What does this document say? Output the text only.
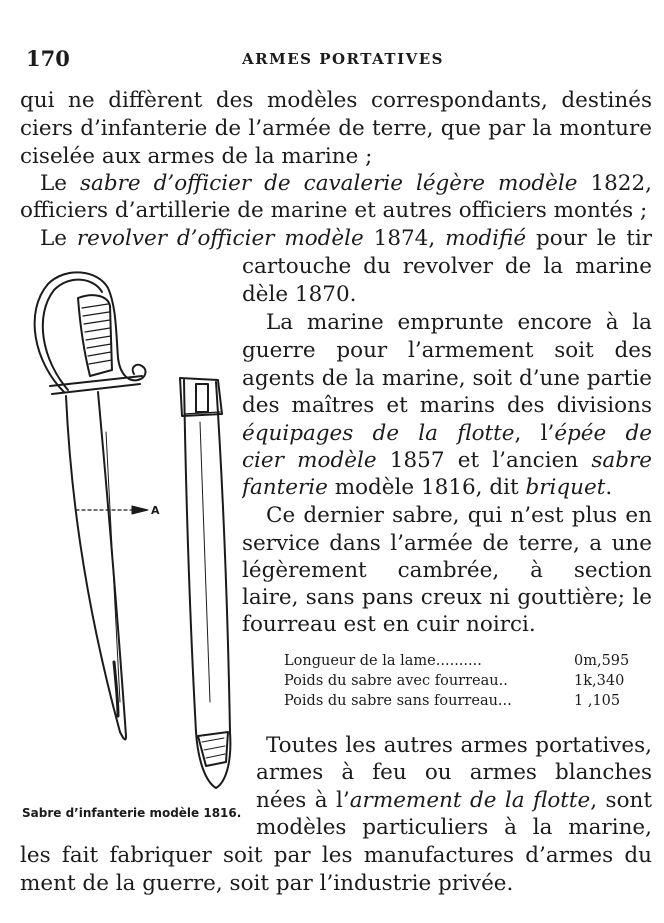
170	ARMES PORTATIVES
qui ne diffèrent des modèles correspondants, destinés
ciers d’infanterie de l’armée de terre, que par la monture
ciselée aux armes de la marine ;
Le sabre d’officier de cavalerie légère modèle 1822,
officiers d’artillerie de marine et autres officiers montés ;
Le revolver d’officier modèle 1874, modifié pour le tir
cartouche du revolver de la marine
dèle 1870.
La marine emprunte encore à la
guerre pour l’armement soit des
agents de la marine, soit d’une partie
des maîtres et marins des divisions
équipages de la flotte, l’épée de
cier modèle 1857 et l’ancien sabre
fanterie modèle 1816, dit briquet.
Ce dernier sabre, qui n’est plus en
service dans l’armée de terre, a une
légèrement cambrée, à section
laire, sans pans creux ni gouttière; le
fourreau est en cuir noirci.
Longueur de la lame..........	0m,595
Poids du sabre avec fourreau..	1k,340
Poids du sabre sans fourreau...	1 ,105
Toutes les autres armes portatives,
armes à feu ou armes blanches
nées à l’armement de la flotte, sont
modèles particuliers à la marine,
les fait fabriquer soit par les manufactures d’armes du
ment de la guerre, soit par l’industrie privée.
A
Sabre d’infanterie modèle 1816.
